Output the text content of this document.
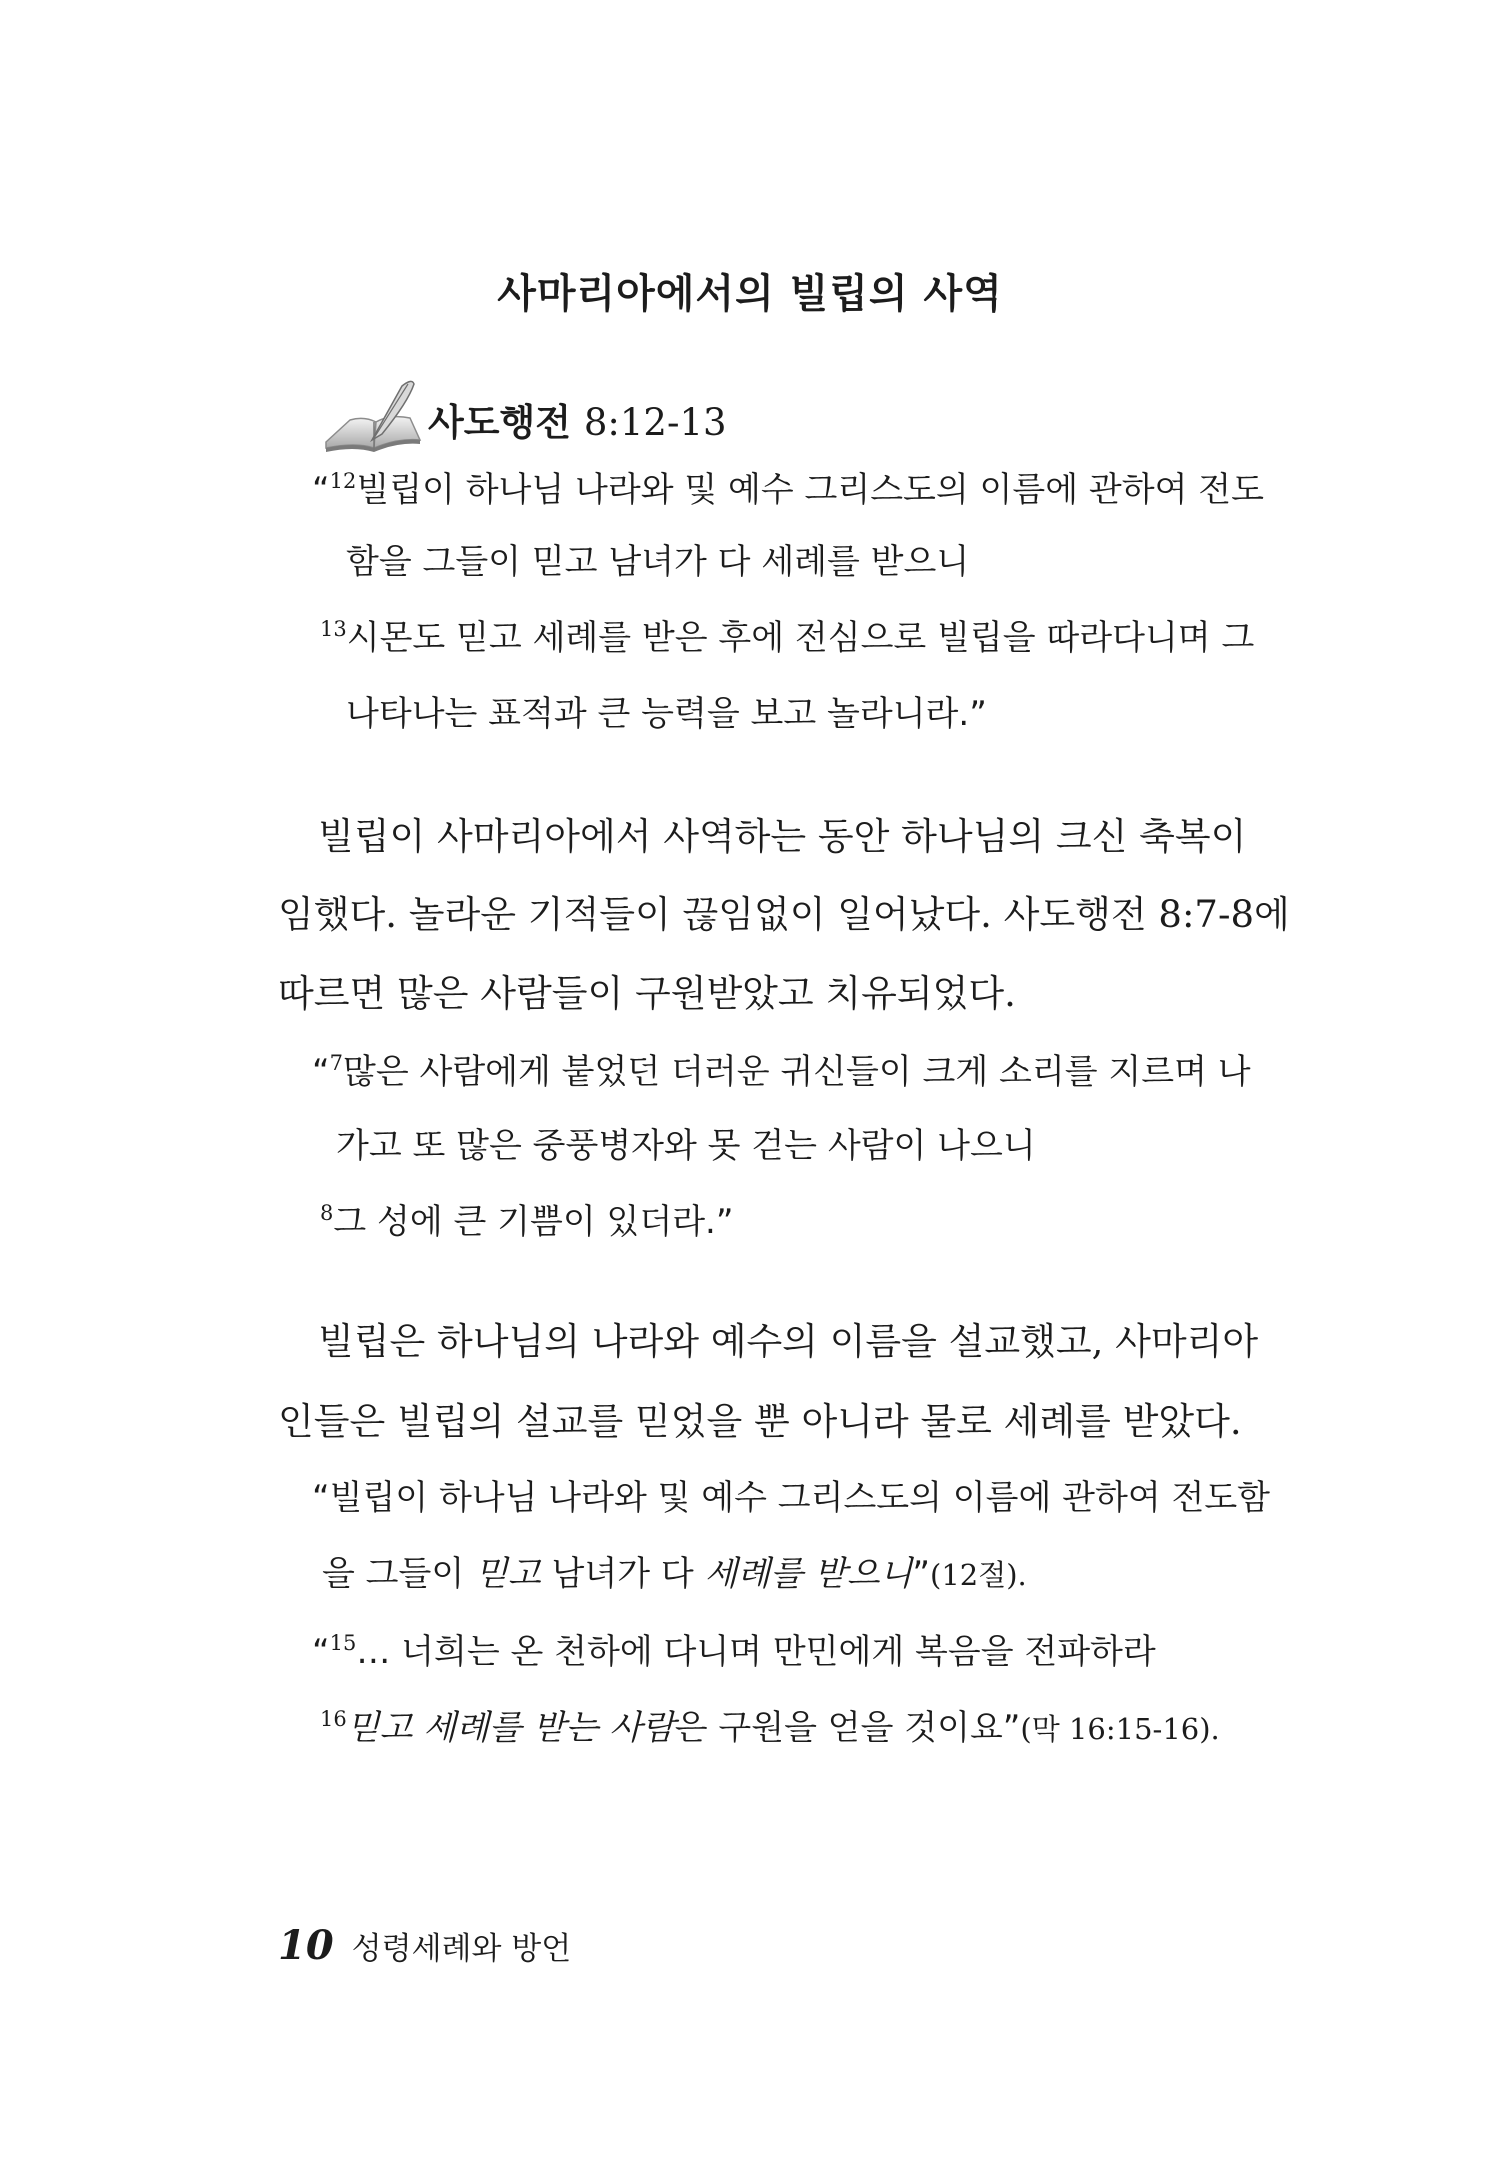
사마리아에서의 빌립의 사역
사도행전 8:12-13
“$^{12}$빌립이 하나님 나라와 및 예수 그리스도의 이름에 관하여 전도
함을 그들이 믿고 남녀가 다 세례를 받으니
$^{13}$시몬도 믿고 세례를 받은 후에 전심으로 빌립을 따라다니며 그
나타나는 표적과 큰 능력을 보고 놀라니라.”
빌립이 사마리아에서 사역하는 동안 하나님의 크신 축복이
임했다. 놀라운 기적들이 끊임없이 일어났다. 사도행전 8:7-8에
따르면 많은 사람들이 구원받았고 치유되었다.
“$^7$많은 사람에게 붙었던 더러운 귀신들이 크게 소리를 지르며 나
가고 또 많은 중풍병자와 못 걷는 사람이 나으니
$^8$그 성에 큰 기쁨이 있더라.”
빌립은 하나님의 나라와 예수의 이름을 설교했고, 사마리아
인들은 빌립의 설교를 믿었을 뿐 아니라 물로 세례를 받았다.
“빌립이 하나님 나라와 및 예수 그리스도의 이름에 관하여 전도함
을 그들이 믿고 남녀가 다 세례를 받으니”(12절).
“$^{15}$… 너희는 온 천하에 다니며 만민에게 복음을 전파하라
$^{16}$믿고 세례를 받는 사람은 구원을 얻을 것이요”(막 16:15-16).
10 성령세례와 방언
